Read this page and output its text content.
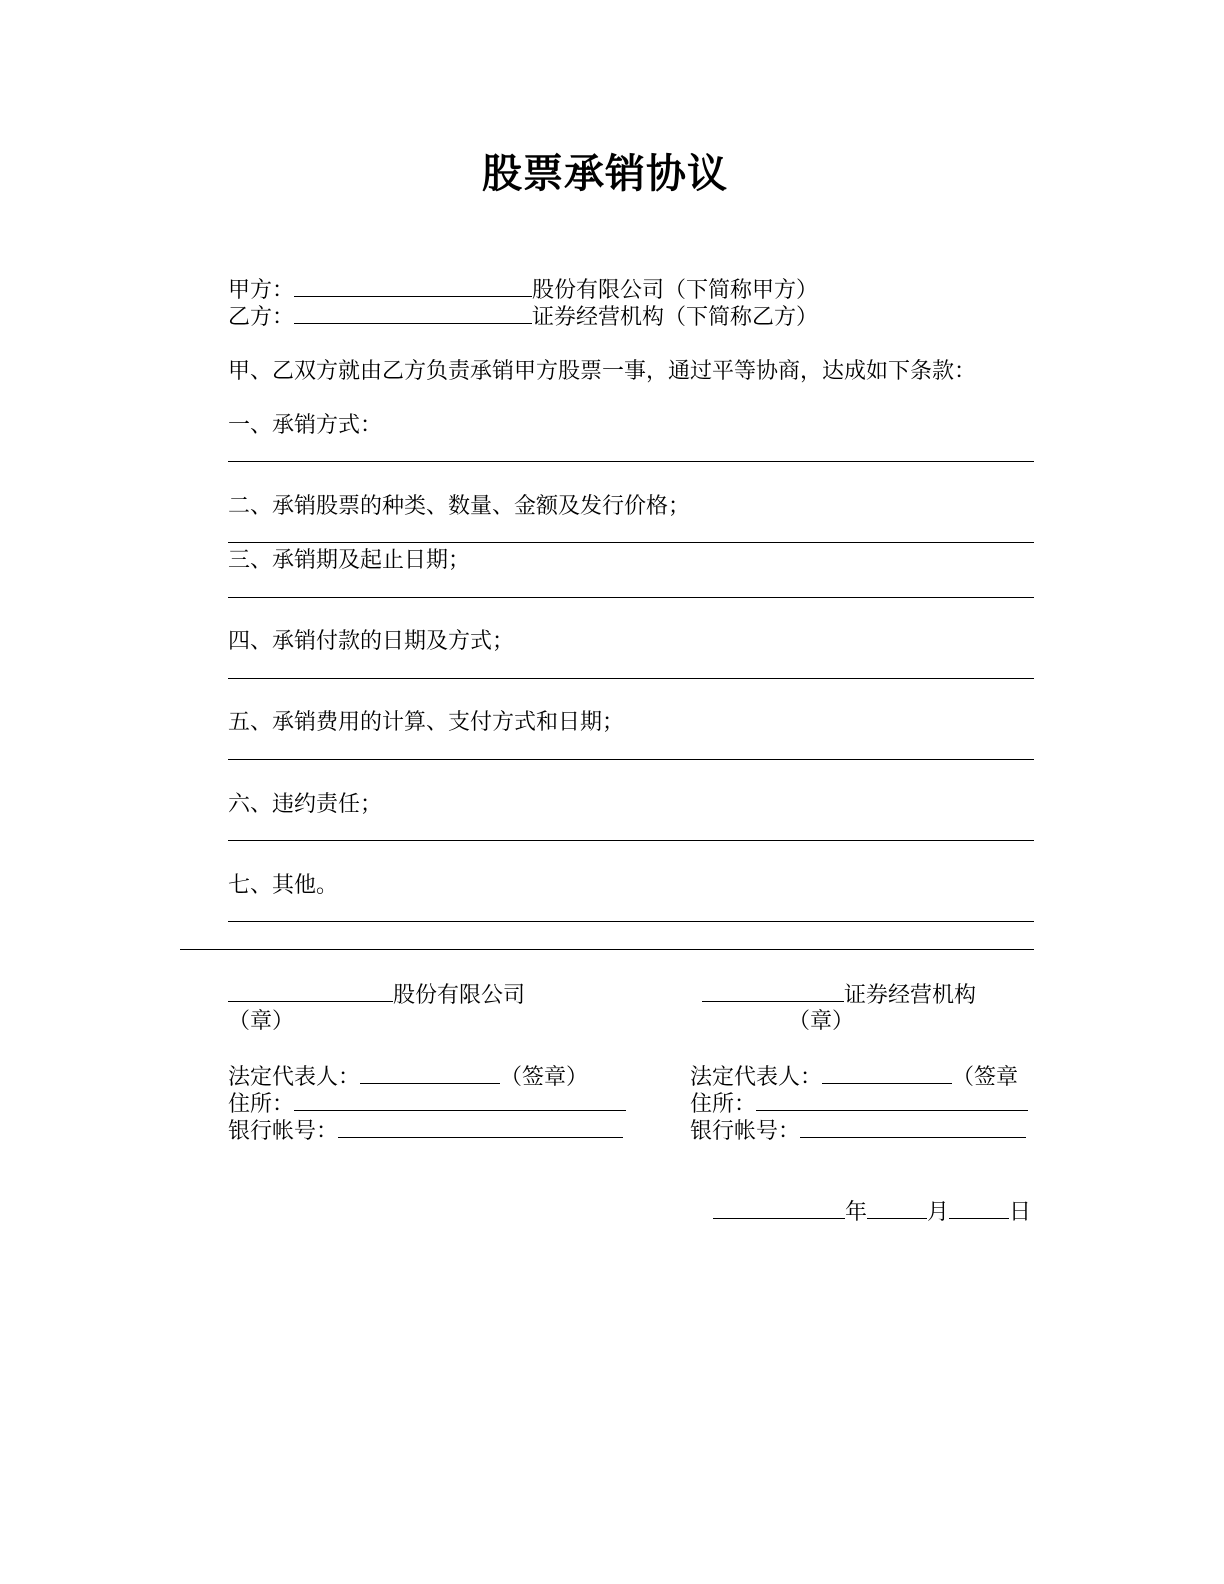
股票承销协议
甲方：	股份有限公司（下简称甲方）
乙方：	证券经营机构（下简称乙方）
甲、乙双方就由乙方负责承销甲方股票一事，通过平等协商，达成如下条款：
一、承销方式：
二、承销股票的种类、数量、金额及发行价格；
三、承销期及起止日期；
四、承销付款的日期及方式；
五、承销费用的计算、支付方式和日期；
六、违约责任；
七、其他。
股份有限公司
（章）
法定代表人：	（签章）
住所：
银行帐号：
证券经营机构
（章）
法定代表人：	（签章
住所：
银行帐号：
年	月	日
